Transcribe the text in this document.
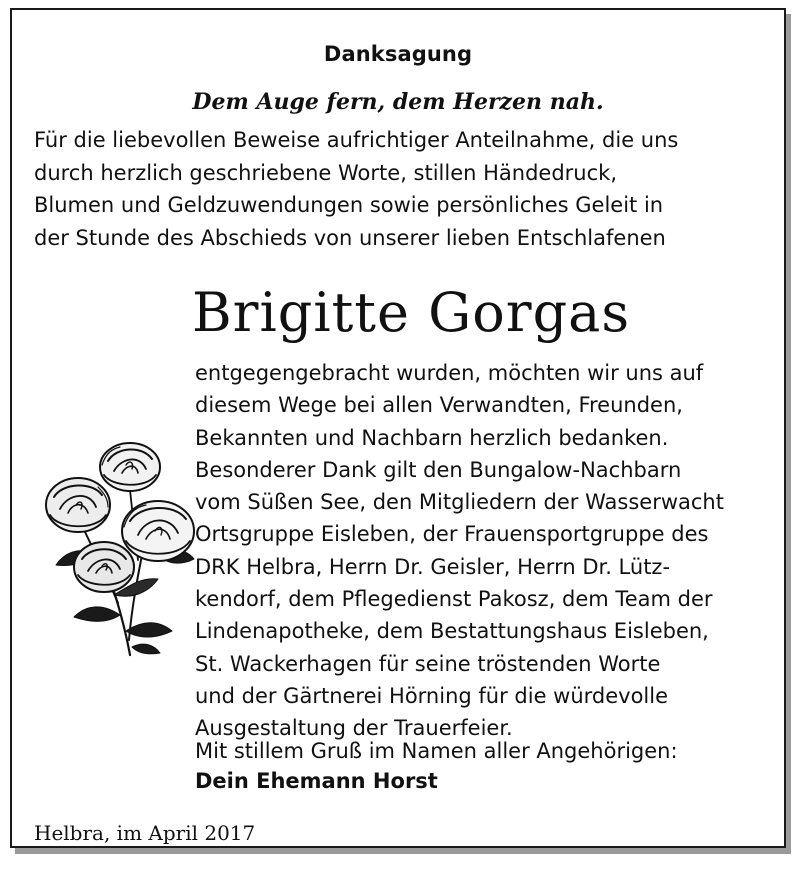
Danksagung
Dem Auge fern, dem Herzen nah.
Für die liebevollen Beweise aufrichtiger Anteilnahme, die uns
durch herzlich geschriebene Worte, stillen Händedruck,
Blumen und Geldzuwendungen sowie persönliches Geleit in
der Stunde des Abschieds von unserer lieben Entschlafenen
Brigitte Gorgas
entgegengebracht wurden, möchten wir uns auf
diesem Wege bei allen Verwandten, Freunden,
Bekannten und Nachbarn herzlich bedanken.
Besonderer Dank gilt den Bungalow-Nachbarn
vom Süßen See, den Mitgliedern der Wasserwacht
Ortsgruppe Eisleben, der Frauensportgruppe des
DRK Helbra, Herrn Dr. Geisler, Herrn Dr. Lütz-
kendorf, dem Pflegedienst Pakosz, dem Team der
Lindenapotheke, dem Bestattungshaus Eisleben,
St. Wackerhagen für seine tröstenden Worte
und der Gärtnerei Hörning für die würdevolle
Ausgestaltung der Trauerfeier.
Mit stillem Gruß im Namen aller Angehörigen:
Dein Ehemann Horst
Helbra, im April 2017
